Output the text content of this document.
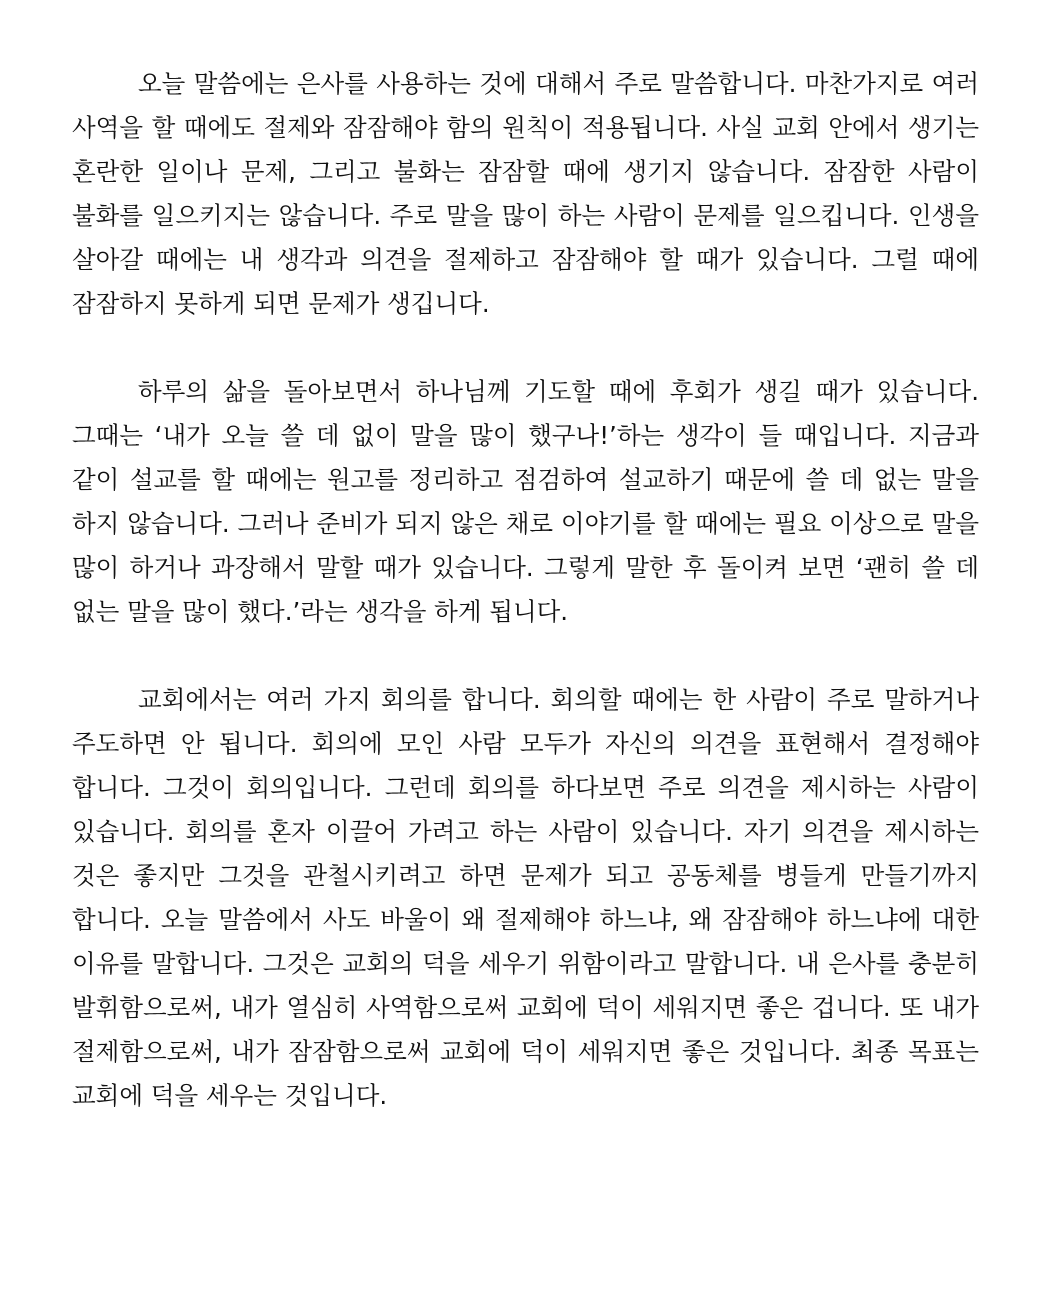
오늘 말씀에는 은사를 사용하는 것에 대해서 주로 말씀합니다. 마찬가지로 여러 사역을 할 때에도 절제와 잠잠해야 함의 원칙이 적용됩니다. 사실 교회 안에서 생기는 혼란한 일이나 문제, 그리고 불화는 잠잠할 때에 생기지 않습니다. 잠잠한 사람이 불화를 일으키지는 않습니다. 주로 말을 많이 하는 사람이 문제를 일으킵니다. 인생을 살아갈 때에는 내 생각과 의견을 절제하고 잠잠해야 할 때가 있습니다. 그럴 때에 잠잠하지 못하게 되면 문제가 생깁니다.

하루의 삶을 돌아보면서 하나님께 기도할 때에 후회가 생길 때가 있습니다. 그때는 ‘내가 오늘 쓸 데 없이 말을 많이 했구나!’하는 생각이 들 때입니다. 지금과 같이 설교를 할 때에는 원고를 정리하고 점검하여 설교하기 때문에 쓸 데 없는 말을 하지 않습니다. 그러나 준비가 되지 않은 채로 이야기를 할 때에는 필요 이상으로 말을 많이 하거나 과장해서 말할 때가 있습니다. 그렇게 말한 후 돌이켜 보면 ‘괜히 쓸 데 없는 말을 많이 했다.’라는 생각을 하게 됩니다.

교회에서는 여러 가지 회의를 합니다. 회의할 때에는 한 사람이 주로 말하거나 주도하면 안 됩니다. 회의에 모인 사람 모두가 자신의 의견을 표현해서 결정해야 합니다. 그것이 회의입니다. 그런데 회의를 하다보면 주로 의견을 제시하는 사람이 있습니다. 회의를 혼자 이끌어 가려고 하는 사람이 있습니다. 자기 의견을 제시하는 것은 좋지만 그것을 관철시키려고 하면 문제가 되고 공동체를 병들게 만들기까지 합니다. 오늘 말씀에서 사도 바울이 왜 절제해야 하느냐, 왜 잠잠해야 하느냐에 대한 이유를 말합니다. 그것은 교회의 덕을 세우기 위함이라고 말합니다. 내 은사를 충분히 발휘함으로써, 내가 열심히 사역함으로써 교회에 덕이 세워지면 좋은 겁니다. 또 내가 절제함으로써, 내가 잠잠함으로써 교회에 덕이 세워지면 좋은 것입니다. 최종 목표는 교회에 덕을 세우는 것입니다.
